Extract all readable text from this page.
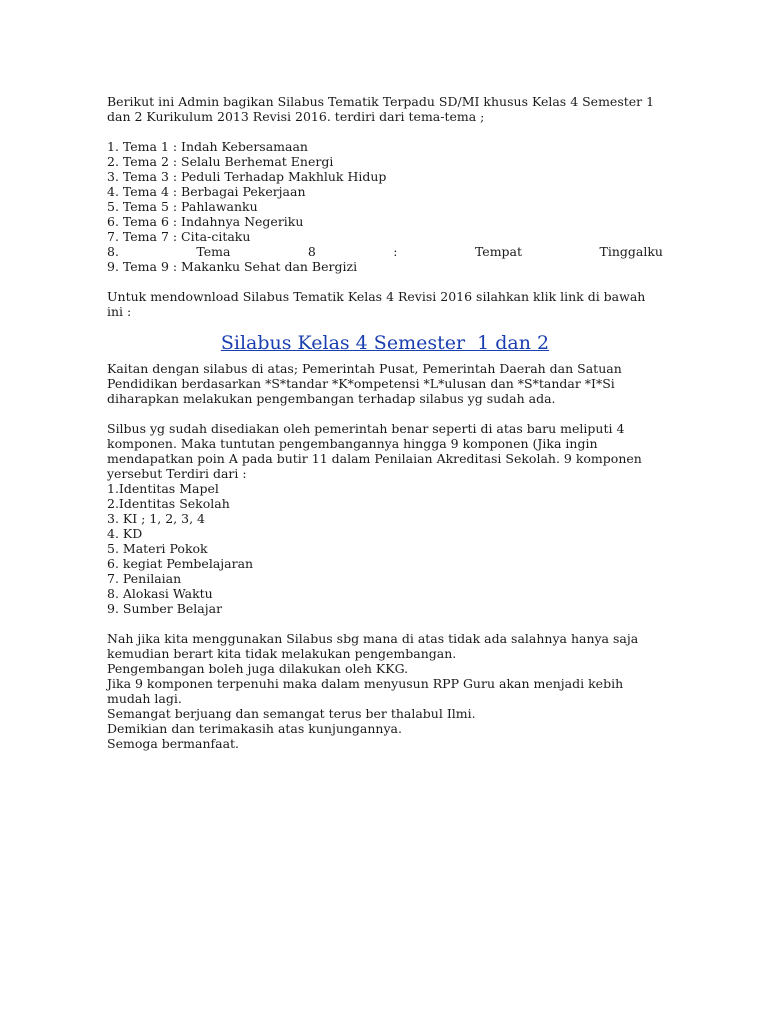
Berikut ini Admin bagikan Silabus Tematik Terpadu SD/MI khusus Kelas 4 Semester 1 dan 2 Kurikulum 2013 Revisi 2016. terdiri dari tema-tema ;

1. Tema 1 : Indah Kebersamaan
2. Tema 2 : Selalu Berhemat Energi
3. Tema 3 : Peduli Terhadap Makhluk Hidup
4. Tema 4 : Berbagai Pekerjaan
5. Tema 5 : Pahlawanku
6. Tema 6 : Indahnya Negeriku
7. Tema 7 : Cita-citaku
8.	Tema	8	:	Tempat	Tinggalku
9. Tema 9 : Makanku Sehat dan Bergizi

Untuk mendownload Silabus Tematik Kelas 4 Revisi 2016 silahkan klik link di bawah ini :

Silabus Kelas 4 Semester  1 dan 2

Kaitan dengan silabus di atas; Pemerintah Pusat, Pemerintah Daerah dan Satuan Pendidikan berdasarkan *S*tandar *K*ompetensi *L*ulusan dan *S*tandar *I*Si diharapkan melakukan pengembangan terhadap silabus yg sudah ada.

Silbus yg sudah disediakan oleh pemerintah benar seperti di atas baru meliputi 4 komponen. Maka tuntutan pengembangannya hingga 9 komponen (Jika ingin mendapatkan poin A pada butir 11 dalam Penilaian Akreditasi Sekolah. 9 komponen yersebut Terdiri dari :

1.Identitas Mapel
2.Identitas Sekolah
3. KI ; 1, 2, 3, 4
4. KD
5. Materi Pokok
6. kegiat Pembelajaran
7. Penilaian
8. Alokasi Waktu
9. Sumber Belajar

Nah jika kita menggunakan Silabus sbg mana di atas tidak ada salahnya hanya saja kemudian berart kita tidak melakukan pengembangan.

Pengembangan boleh juga dilakukan oleh KKG.

Jika 9 komponen terpenuhi maka dalam menyusun RPP Guru akan menjadi kebih mudah lagi.

Semangat berjuang dan semangat terus ber thalabul Ilmi.

Demikian dan terimakasih atas kunjungannya.

Semoga bermanfaat.
